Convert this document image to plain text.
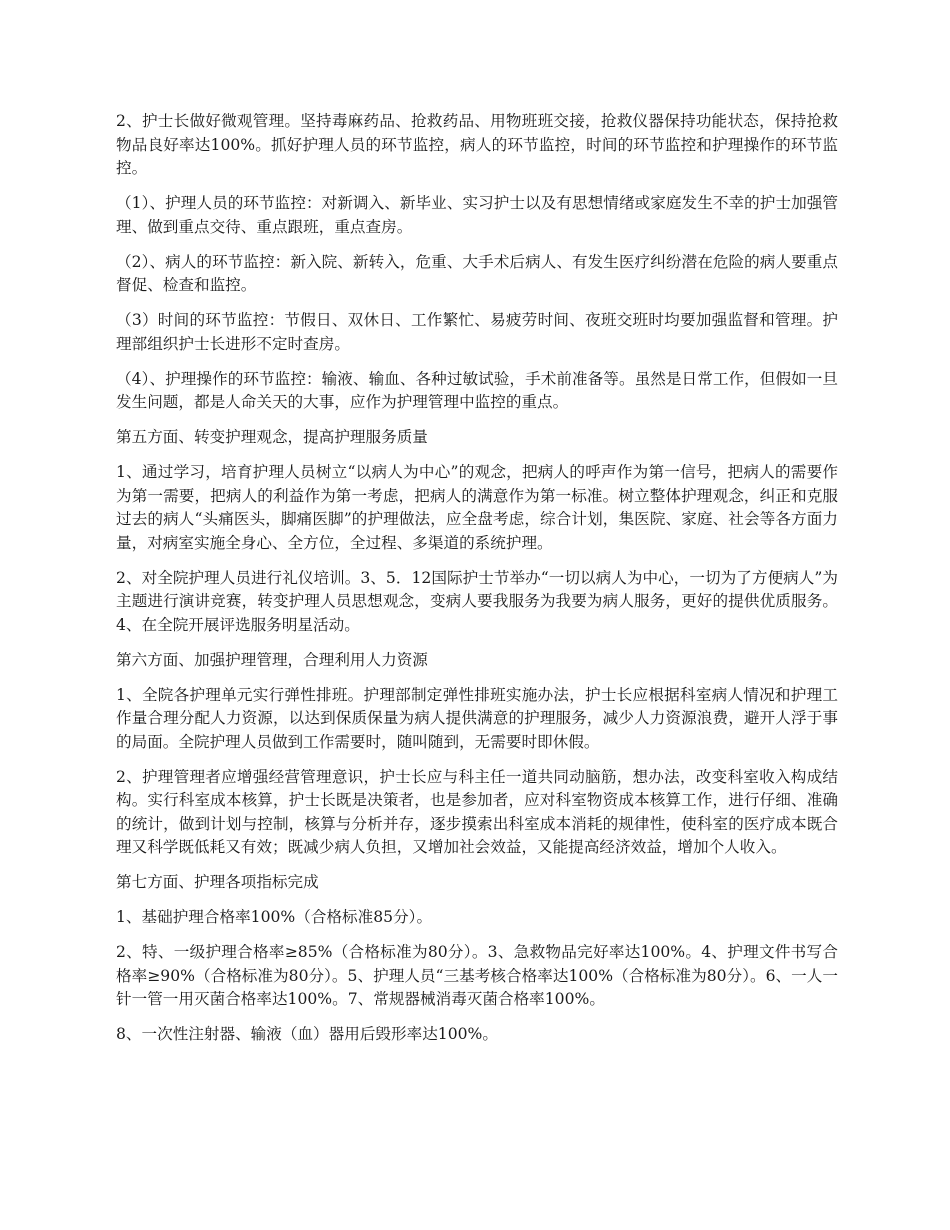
2、护士长做好微观管理。坚持毒麻药品、抢救药品、用物班班交接，抢救仪器保持功能状态，保持抢救物品良好率达100%。抓好护理人员的环节监控，病人的环节监控，时间的环节监控和护理操作的环节监控。

（1）、护理人员的环节监控：对新调入、新毕业、实习护士以及有思想情绪或家庭发生不幸的护士加强管理、做到重点交待、重点跟班，重点查房。

（2）、病人的环节监控：新入院、新转入，危重、大手术后病人、有发生医疗纠纷潜在危险的病人要重点督促、检查和监控。

（3）时间的环节监控：节假日、双休日、工作繁忙、易疲劳时间、夜班交班时均要加强监督和管理。护理部组织护士长进形不定时查房。

（4）、护理操作的环节监控：输液、输血、各种过敏试验，手术前准备等。虽然是日常工作，但假如一旦发生问题，都是人命关天的大事，应作为护理管理中监控的重点。

第五方面、转变护理观念，提高护理服务质量

1、通过学习，培育护理人员树立“以病人为中心”的观念，把病人的呼声作为第一信号，把病人的需要作为第一需要，把病人的利益作为第一考虑，把病人的满意作为第一标准。树立整体护理观念，纠正和克服过去的病人“头痛医头，脚痛医脚”的护理做法，应全盘考虑，综合计划，集医院、家庭、社会等各方面力量，对病室实施全身心、全方位，全过程、多渠道的系统护理。

2、对全院护理人员进行礼仪培训。3、5．12国际护士节举办“一切以病人为中心，一切为了方便病人”为主题进行演讲竞赛，转变护理人员思想观念，变病人要我服务为我要为病人服务，更好的提供优质服务。4、在全院开展评选服务明星活动。

第六方面、加强护理管理，合理利用人力资源

1、全院各护理单元实行弹性排班。护理部制定弹性排班实施办法，护士长应根据科室病人情况和护理工作量合理分配人力资源，以达到保质保量为病人提供满意的护理服务，减少人力资源浪费，避开人浮于事的局面。全院护理人员做到工作需要时，随叫随到，无需要时即休假。

2、护理管理者应增强经营管理意识，护士长应与科主任一道共同动脑筋，想办法，改变科室收入构成结构。实行科室成本核算，护士长既是决策者，也是参加者，应对科室物资成本核算工作，进行仔细、准确的统计，做到计划与控制，核算与分析并存，逐步摸索出科室成本消耗的规律性，使科室的医疗成本既合理又科学既低耗又有效；既减少病人负担，又增加社会效益，又能提高经济效益，增加个人收入。

第七方面、护理各项指标完成

1、基础护理合格率100%（合格标准85分）。

2、特、一级护理合格率≥85%（合格标准为80分）。3、急救物品完好率达100%。4、护理文件书写合格率≥90%（合格标准为80分）。5、护理人员“三基考核合格率达100%（合格标准为80分）。6、一人一针一管一用灭菌合格率达100%。7、常规器械消毒灭菌合格率100%。

8、一次性注射器、输液（血）器用后毁形率达100%。
